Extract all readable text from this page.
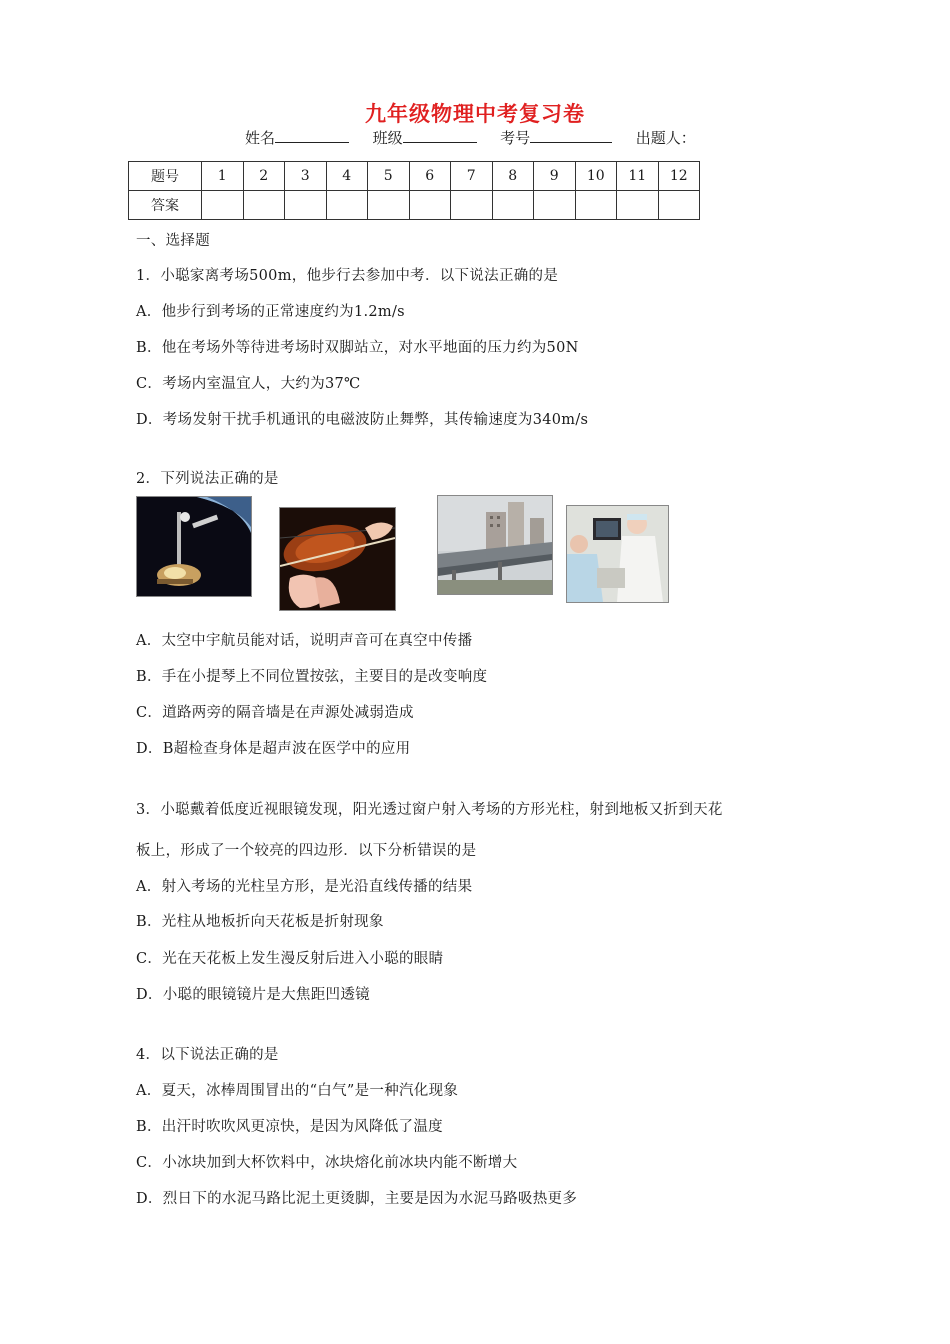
九年级物理中考复习卷
姓名	班级	考号	出题人：
题号	1	2	3	4	5	6	7	8	9	10	11	12
答案												
一、选择题
1．小聪家离考场500m，他步行去参加中考．以下说法正确的是
A．他步行到考场的正常速度约为1.2m/s
B．他在考场外等待进考场时双脚站立，对水平地面的压力约为50N
C．考场内室温宜人，大约为37℃
D．考场发射干扰手机通讯的电磁波防止舞弊，其传输速度为340m/s
2．下列说法正确的是
A．太空中宇航员能对话，说明声音可在真空中传播
B．手在小提琴上不同位置按弦，主要目的是改变响度
C．道路两旁的隔音墙是在声源处减弱造成
D．B超检查身体是超声波在医学中的应用
3．小聪戴着低度近视眼镜发现，阳光透过窗户射入考场的方形光柱，射到地板又折到天花
板上，形成了一个较亮的四边形．以下分析错误的是
A．射入考场的光柱呈方形，是光沿直线传播的结果
B．光柱从地板折向天花板是折射现象
C．光在天花板上发生漫反射后进入小聪的眼睛
D．小聪的眼镜镜片是大焦距凹透镜
4．以下说法正确的是
A．夏天，冰棒周围冒出的“白气”是一种汽化现象
B．出汗时吹吹风更凉快，是因为风降低了温度
C．小冰块加到大杯饮料中，冰块熔化前冰块内能不断增大
D．烈日下的水泥马路比泥土更烫脚，主要是因为水泥马路吸热更多
